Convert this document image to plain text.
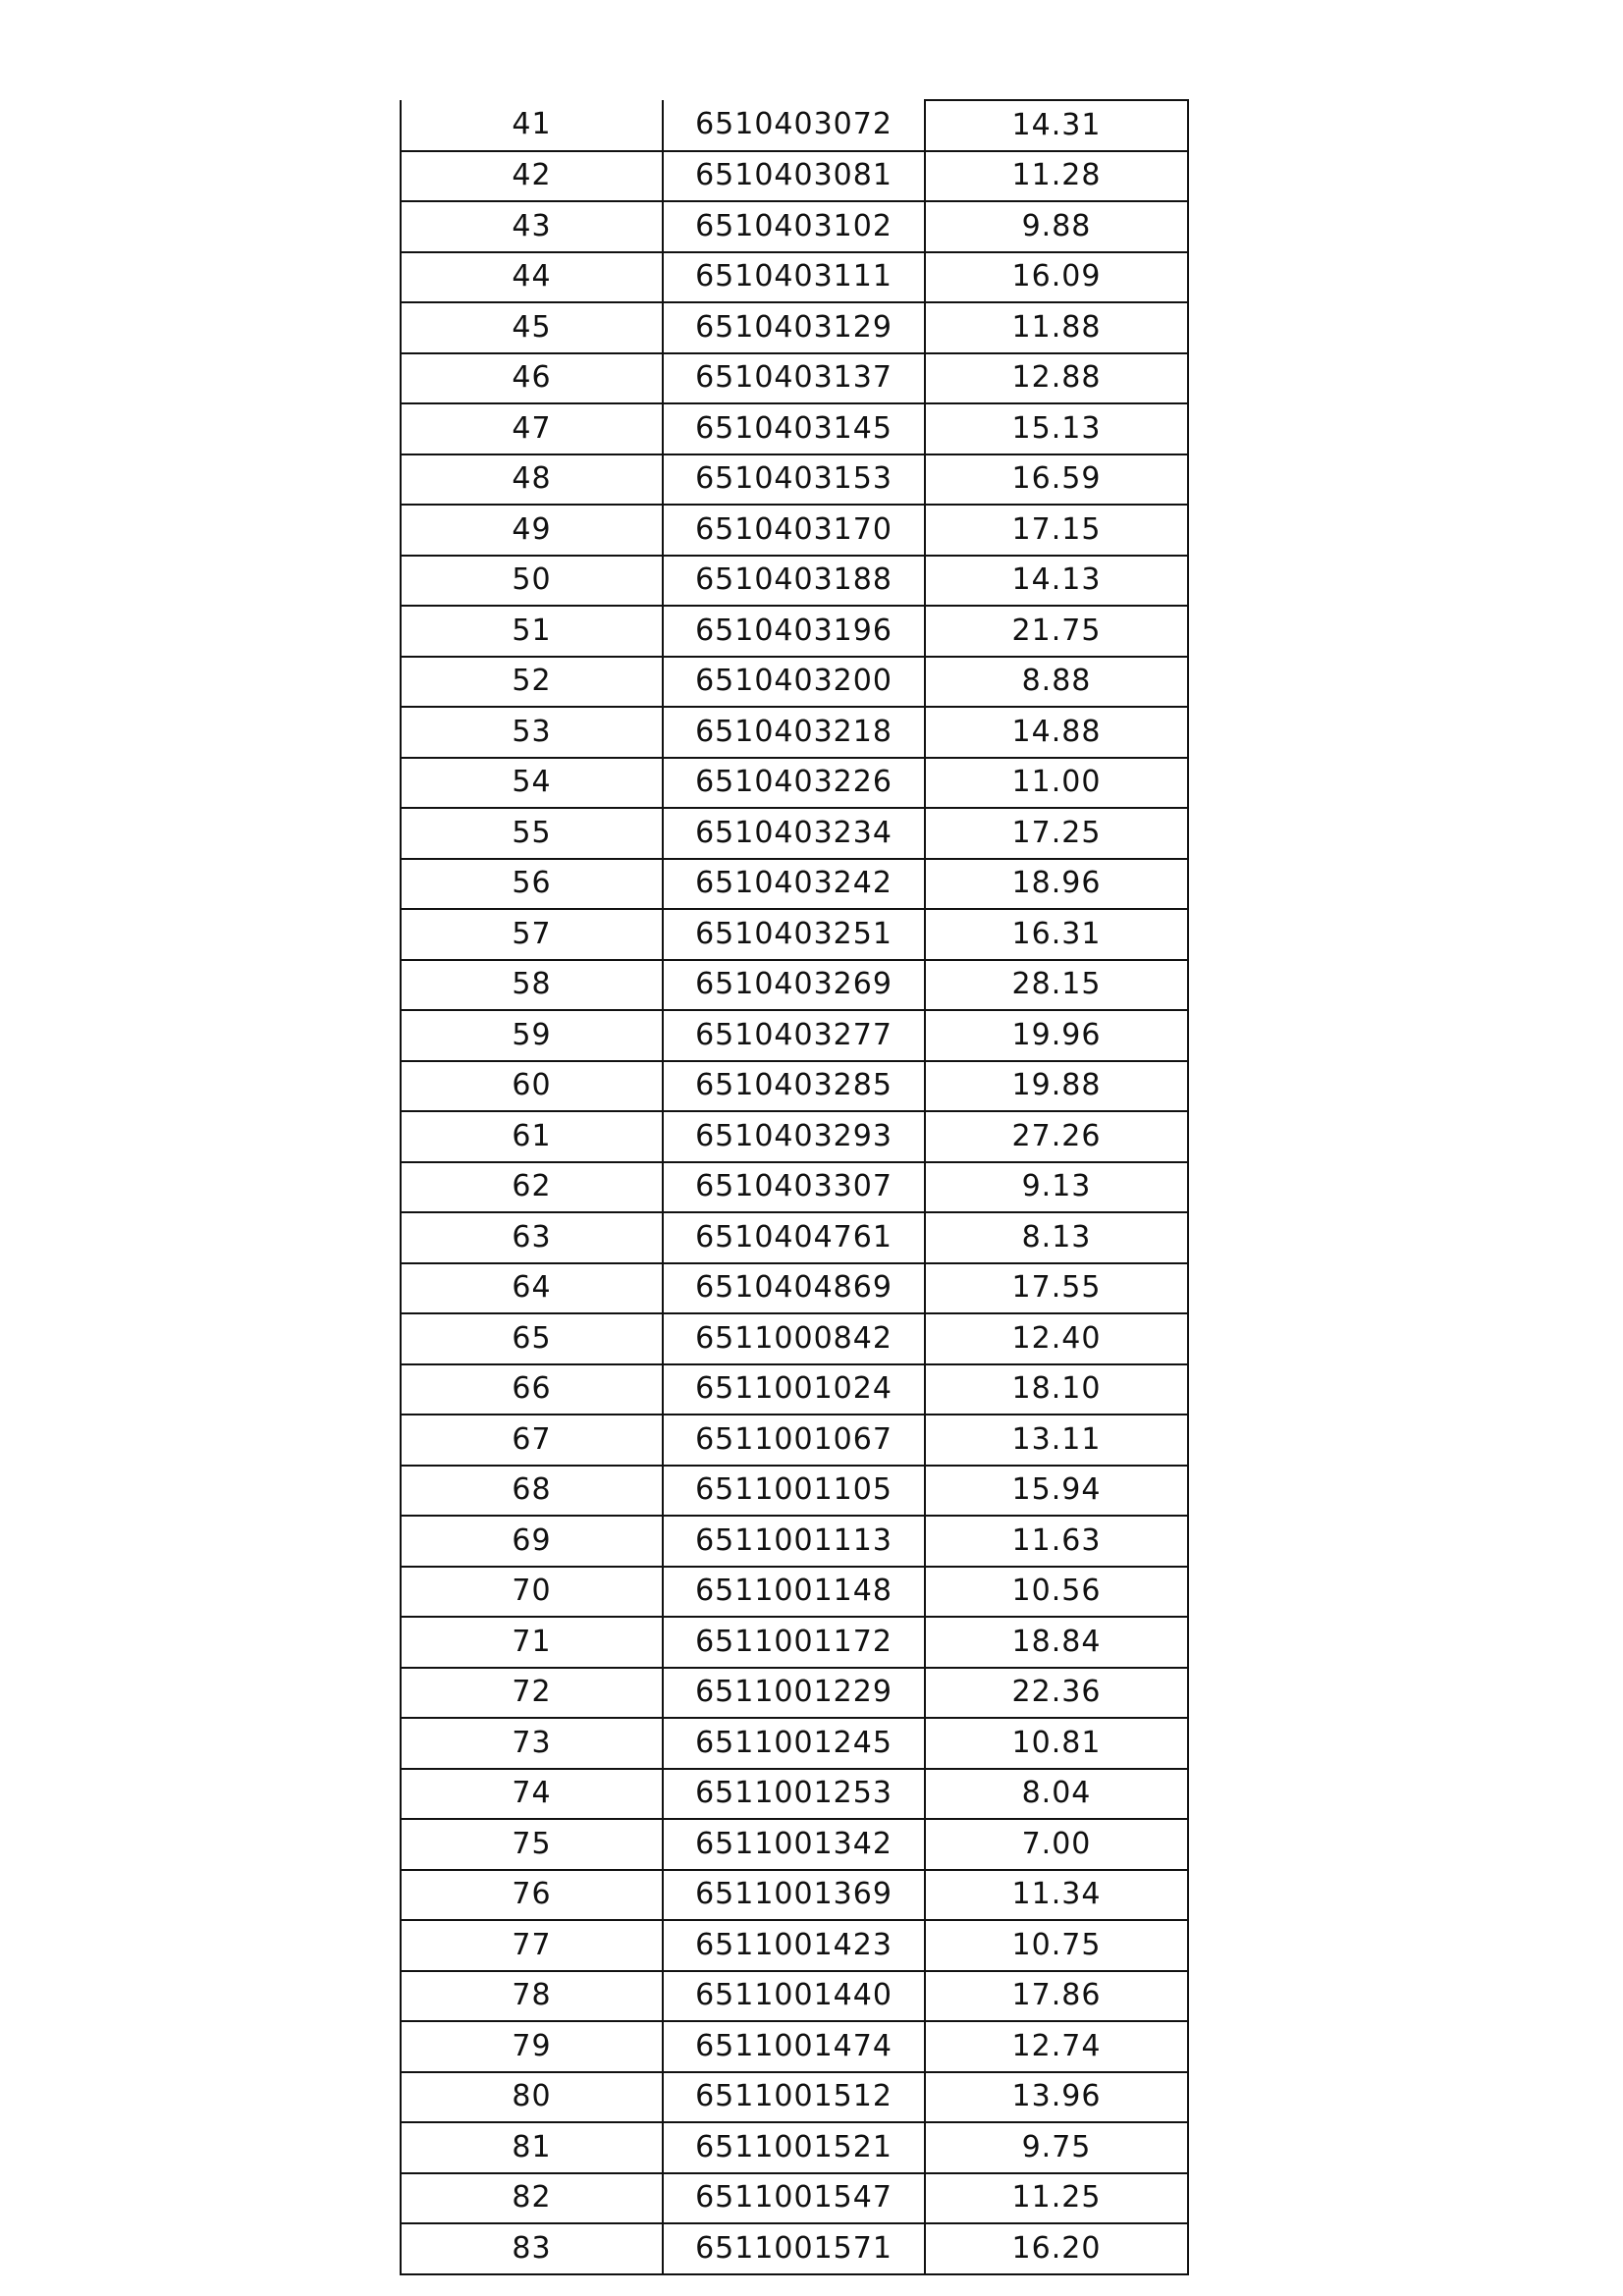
41	6510403072	14.31
42	6510403081	11.28
43	6510403102	9.88
44	6510403111	16.09
45	6510403129	11.88
46	6510403137	12.88
47	6510403145	15.13
48	6510403153	16.59
49	6510403170	17.15
50	6510403188	14.13
51	6510403196	21.75
52	6510403200	8.88
53	6510403218	14.88
54	6510403226	11.00
55	6510403234	17.25
56	6510403242	18.96
57	6510403251	16.31
58	6510403269	28.15
59	6510403277	19.96
60	6510403285	19.88
61	6510403293	27.26
62	6510403307	9.13
63	6510404761	8.13
64	6510404869	17.55
65	6511000842	12.40
66	6511001024	18.10
67	6511001067	13.11
68	6511001105	15.94
69	6511001113	11.63
70	6511001148	10.56
71	6511001172	18.84
72	6511001229	22.36
73	6511001245	10.81
74	6511001253	8.04
75	6511001342	7.00
76	6511001369	11.34
77	6511001423	10.75
78	6511001440	17.86
79	6511001474	12.74
80	6511001512	13.96
81	6511001521	9.75
82	6511001547	11.25
83	6511001571	16.20
